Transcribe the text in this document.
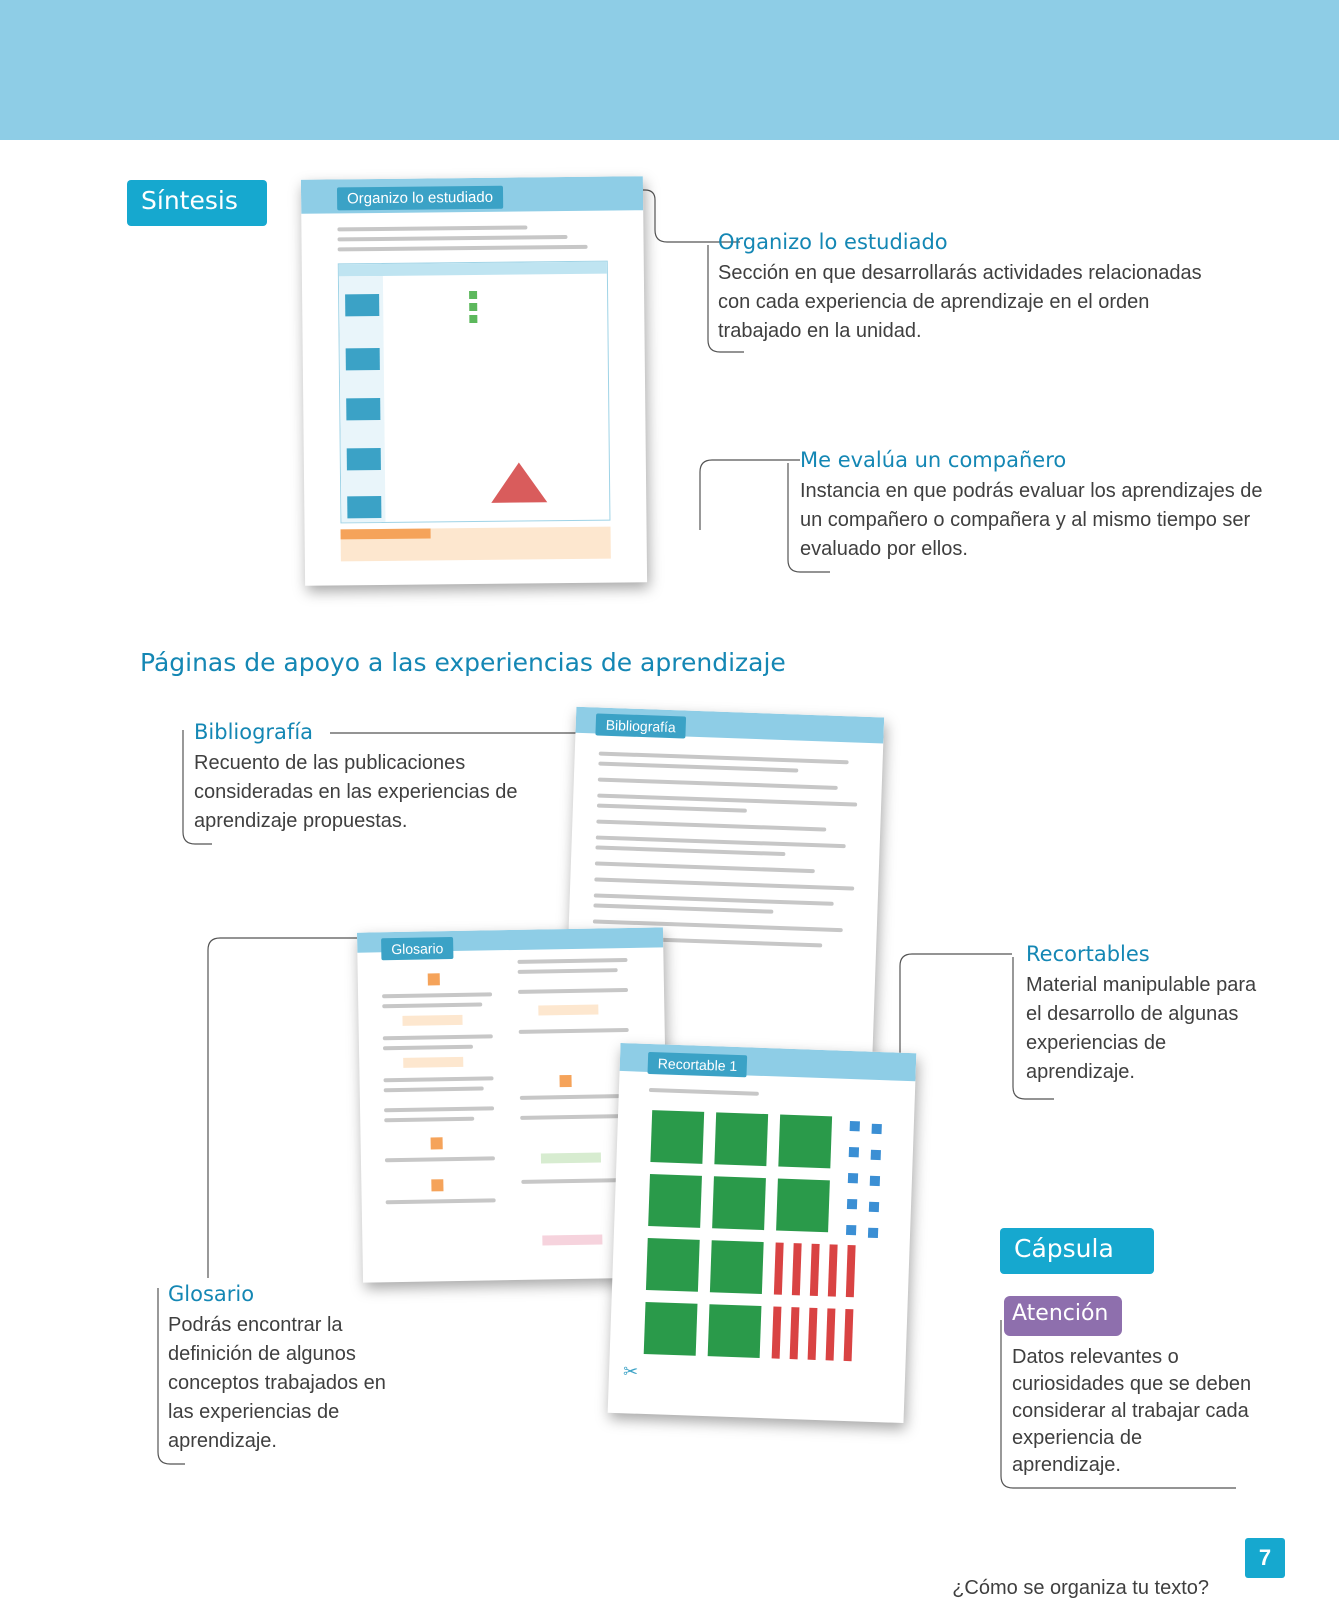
Síntesis	Organizo lo estudiado
Organizo lo estudiado
Sección en que desarrollarás actividades relacionadas con cada experiencia de aprendizaje en el orden trabajado en la unidad.
Me evalúa un compañero
Instancia en que podrás evaluar los aprendizajes de un compañero o compañera y al mismo tiempo ser evaluado por ellos.
Páginas de apoyo a las experiencias de aprendizaje
Bibliografía
Recuento de las publicaciones consideradas en las experiencias de aprendizaje propuestas.
Bibliografía
Glosario
Recortable 1
✂
Recortables
Material manipulable para el desarrollo de algunas experiencias de aprendizaje.
Glosario
Podrás encontrar la definición de algunos conceptos trabajados en las experiencias de aprendizaje.
Cápsula
Atención
Datos relevantes o curiosidades que se deben considerar al trabajar cada experiencia de aprendizaje.
¿Cómo se organiza tu texto?
7
